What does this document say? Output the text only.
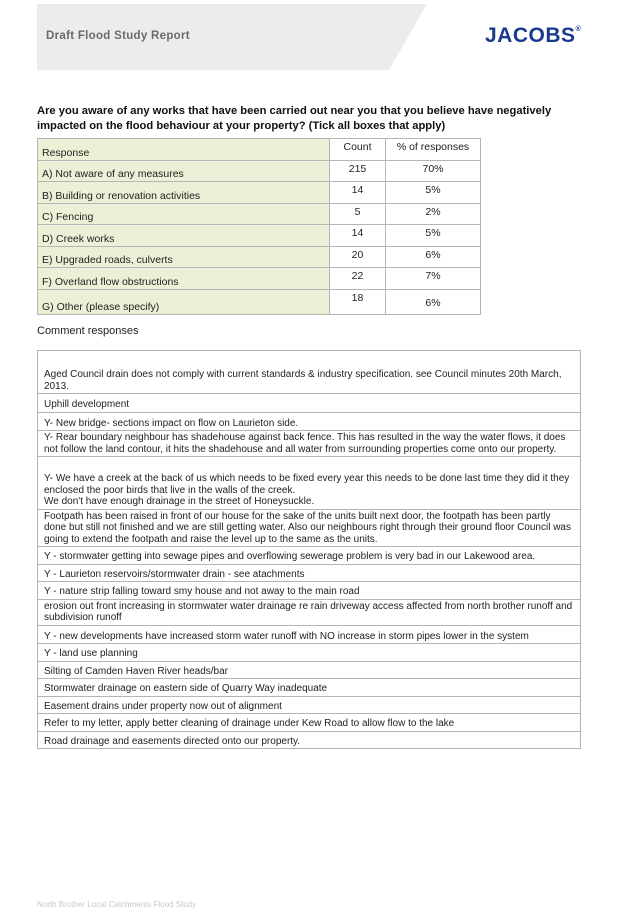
Draft Flood Study Report	JACOBS®
Are you aware of any works that have been carried out near you that you believe have negatively impacted on the flood behaviour at your property? (Tick all boxes that apply)
Response	Count	% of responses
A) Not aware of any measures	215	70%
B) Building or renovation activities	14	5%
C) Fencing	5	2%
D) Creek works	14	5%
E) Upgraded roads, culverts	20	6%
F) Overland flow obstructions	22	7%
G) Other (please specify)	18	6%
Comment responses
Aged Council drain does not comply with current standards & industry specification. see Council minutes 20th March, 2013.
Uphill development
Y- New bridge- sections impact on flow on Laurieton side.
Y- Rear boundary neighbour has shadehouse against back fence. This has resulted in the way the water flows, it does not follow the land contour, it hits the shadehouse and all water from surrounding properties come onto our property.
Y- We have a creek at the back of us which needs to be fixed every year this needs to be done last time they did it they enclosed the poor birds that live in the walls of the creek.
We don't have enough drainage in the street of Honeysuckle.
Footpath has been raised in front of our house for the sake of the units built next door, the footpath has been partly done but still not finished and we are still getting water. Also our neighbours right through their ground floor Council was going to extend the footpath and raise the level up to the same as the units.
Y - stormwater getting into sewage pipes and overflowing sewerage problem is very bad in our Lakewood area.
Y - Laurieton reservoirs/stormwater drain - see atachments
Y - nature strip falling toward smy house and not away to the main road
erosion out front increasing in stormwater water drainage re rain driveway access affected from north brother runoff and subdivision runoff
Y - new developments have increased storm water runoff with NO increase in storm pipes lower in the system
Y - land use planning
Silting of Camden Haven River heads/bar
Stormwater drainage on eastern side of Quarry Way inadequate
Easement drains under property now out of alignment
Refer to my letter, apply better cleaning of drainage under Kew Road to allow flow to the lake
Road drainage and easements directed onto our property.
North Brother Local Catchments Flood Study
